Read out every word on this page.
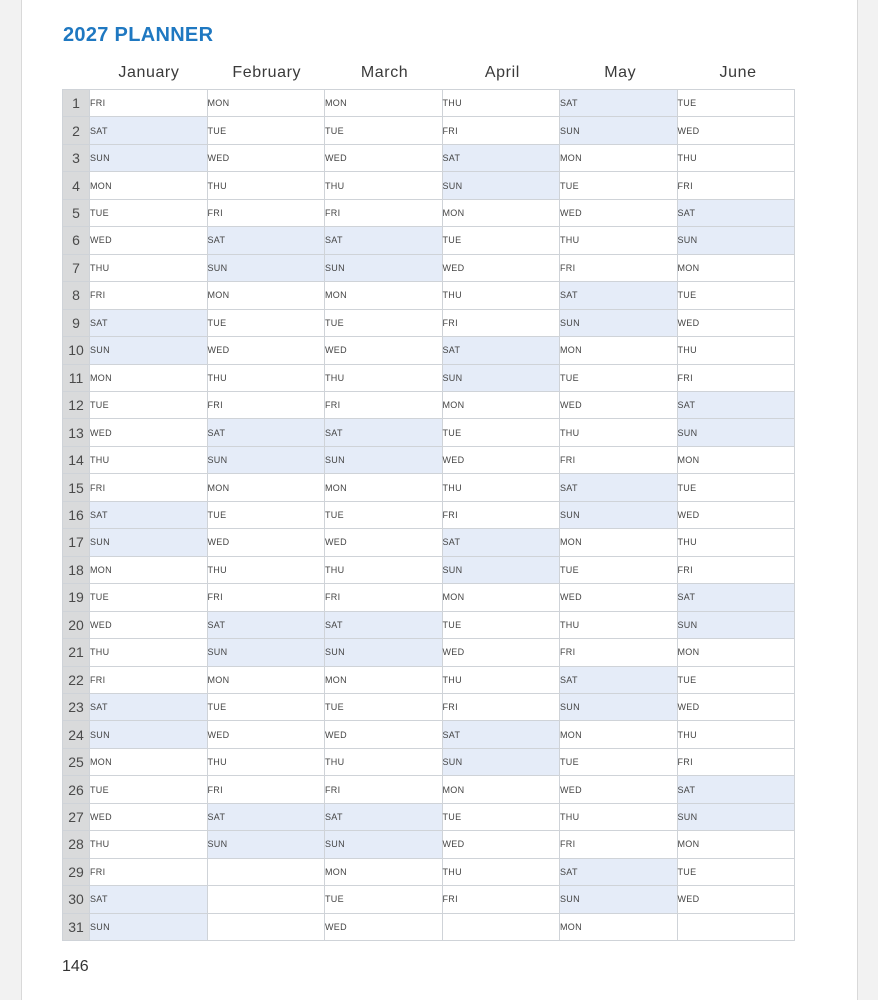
2027 PLANNER
January	February	March	April	May	June
1	FRI	MON	MON	THU	SAT	TUE
2	SAT	TUE	TUE	FRI	SUN	WED
3	SUN	WED	WED	SAT	MON	THU
4	MON	THU	THU	SUN	TUE	FRI
5	TUE	FRI	FRI	MON	WED	SAT
6	WED	SAT	SAT	TUE	THU	SUN
7	THU	SUN	SUN	WED	FRI	MON
8	FRI	MON	MON	THU	SAT	TUE
9	SAT	TUE	TUE	FRI	SUN	WED
10	SUN	WED	WED	SAT	MON	THU
11	MON	THU	THU	SUN	TUE	FRI
12	TUE	FRI	FRI	MON	WED	SAT
13	WED	SAT	SAT	TUE	THU	SUN
14	THU	SUN	SUN	WED	FRI	MON
15	FRI	MON	MON	THU	SAT	TUE
16	SAT	TUE	TUE	FRI	SUN	WED
17	SUN	WED	WED	SAT	MON	THU
18	MON	THU	THU	SUN	TUE	FRI
19	TUE	FRI	FRI	MON	WED	SAT
20	WED	SAT	SAT	TUE	THU	SUN
21	THU	SUN	SUN	WED	FRI	MON
22	FRI	MON	MON	THU	SAT	TUE
23	SAT	TUE	TUE	FRI	SUN	WED
24	SUN	WED	WED	SAT	MON	THU
25	MON	THU	THU	SUN	TUE	FRI
26	TUE	FRI	FRI	MON	WED	SAT
27	WED	SAT	SAT	TUE	THU	SUN
28	THU	SUN	SUN	WED	FRI	MON
29	FRI		MON	THU	SAT	TUE
30	SAT		TUE	FRI	SUN	WED
31	SUN		WED		MON	

146
